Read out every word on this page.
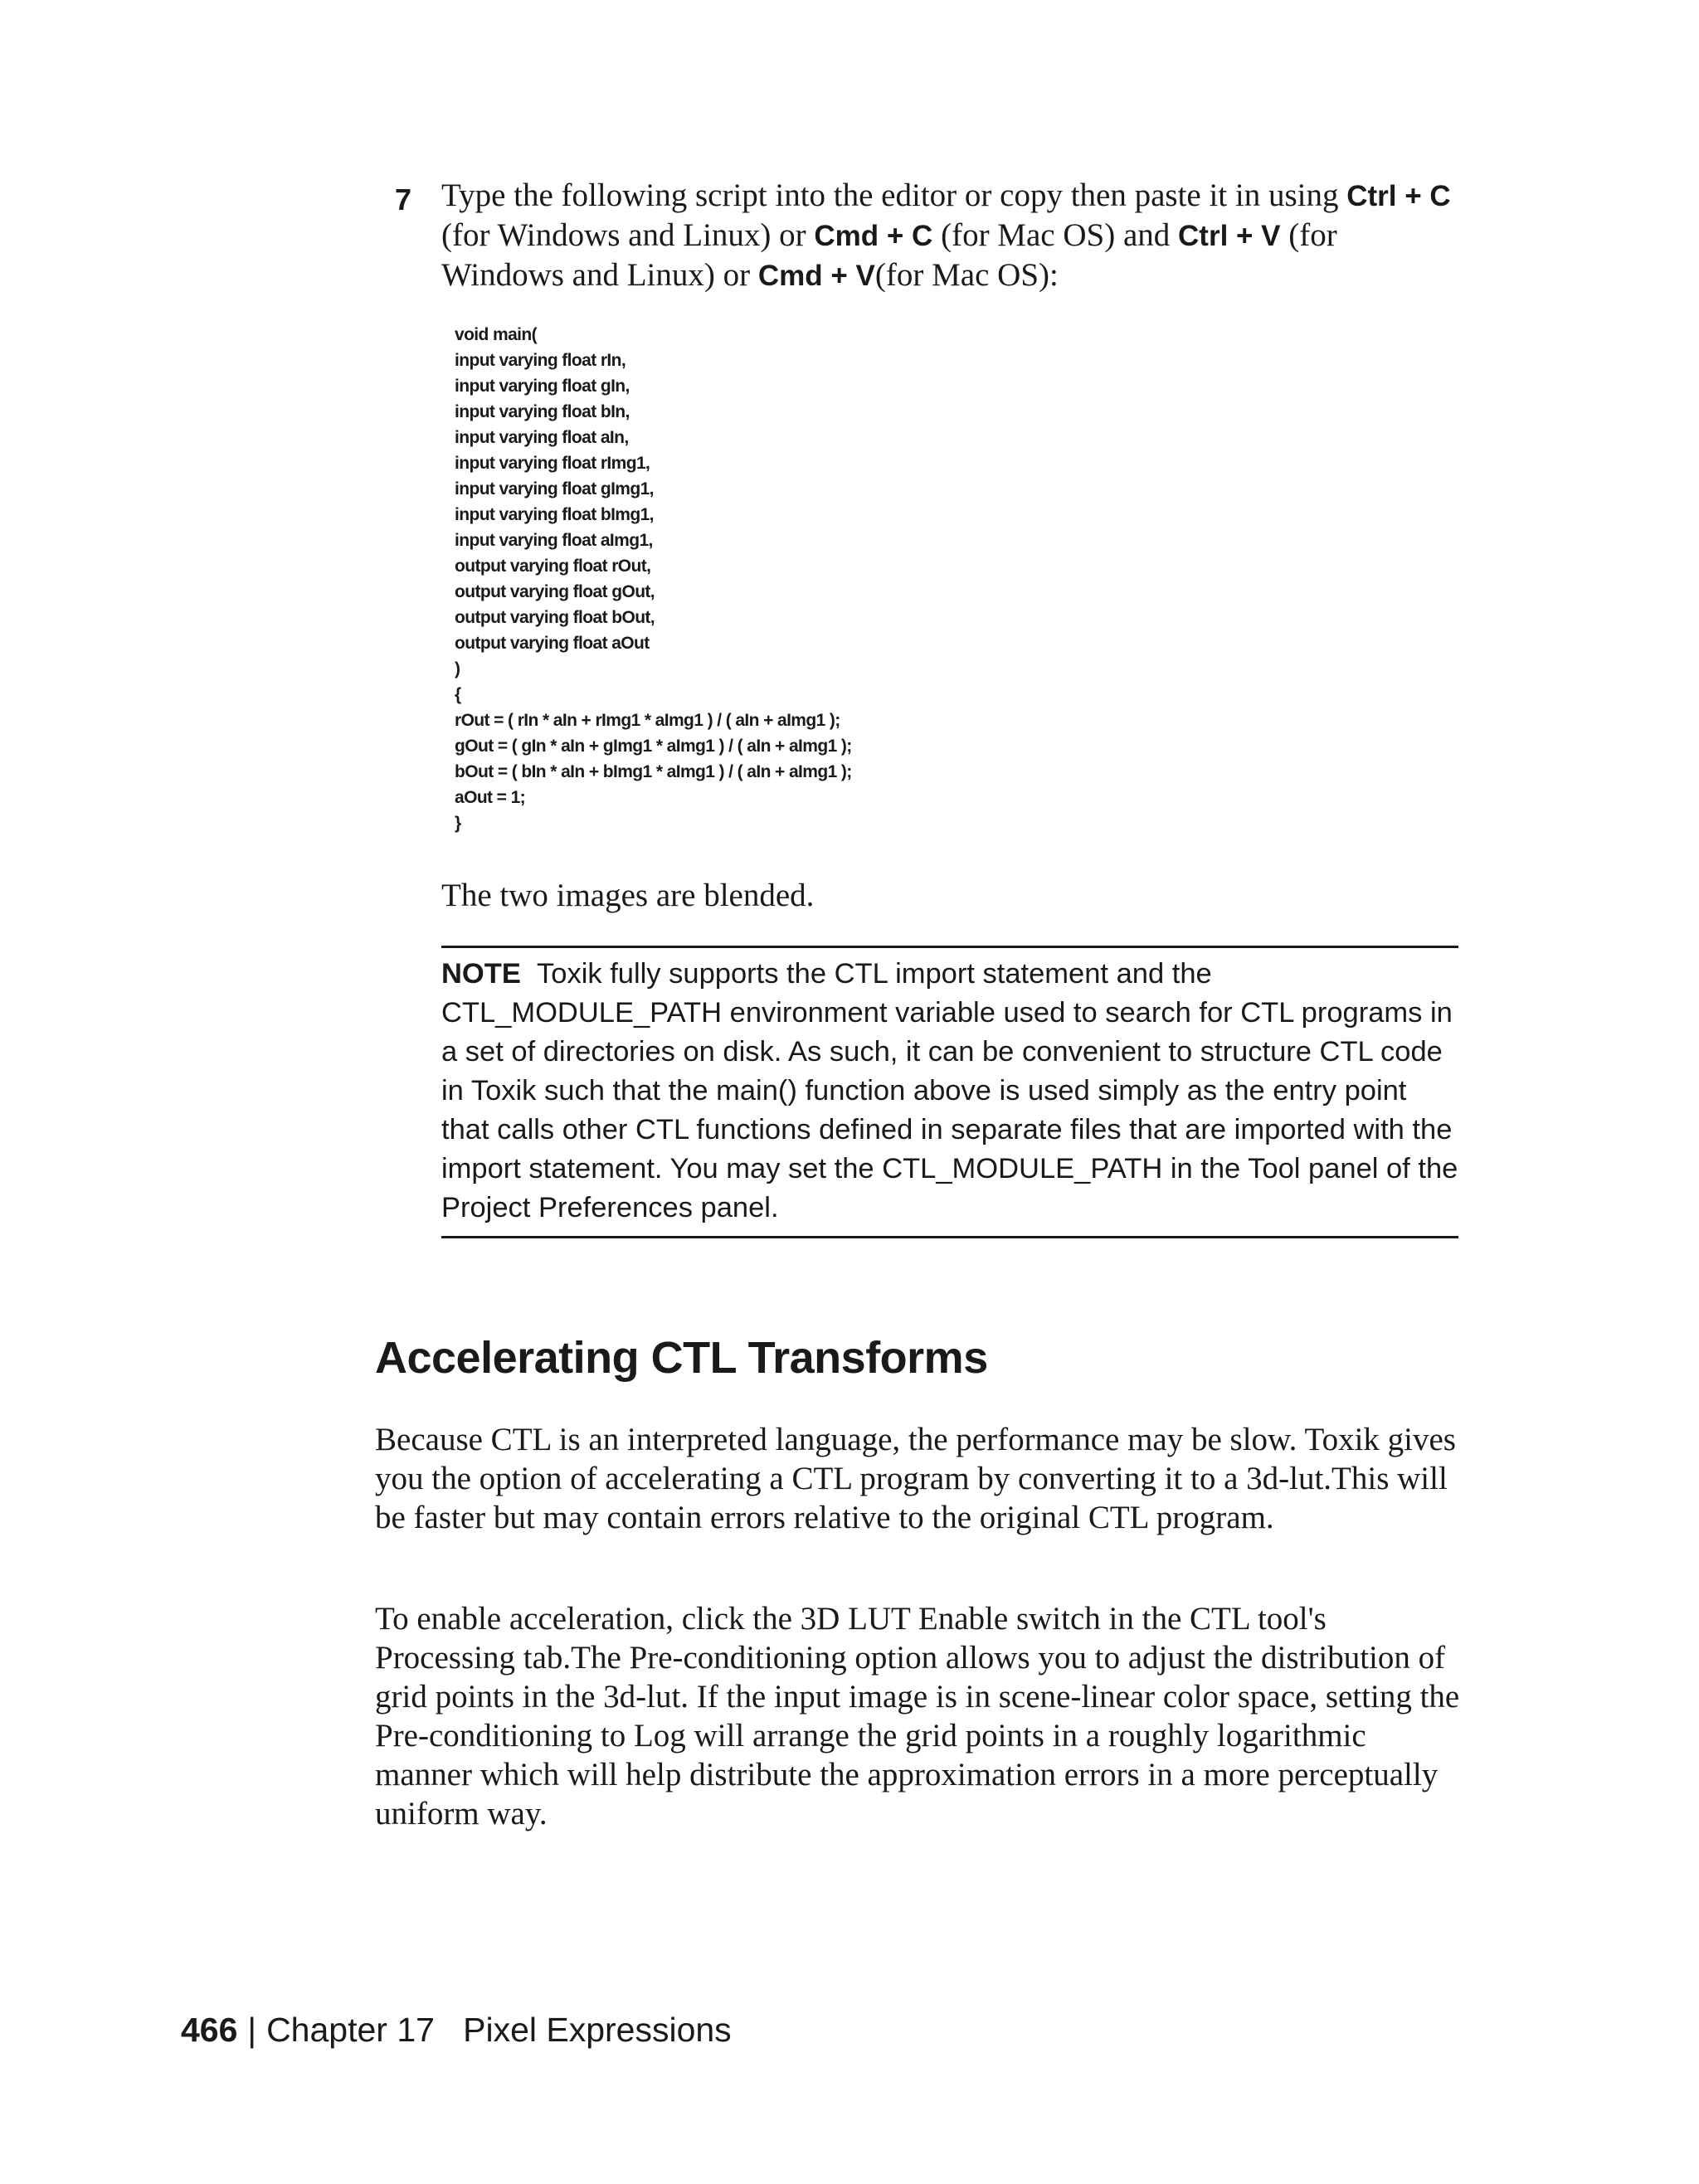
7 Type the following script into the editor or copy then paste it in using Ctrl + C (for Windows and Linux) or Cmd + C (for Mac OS) and Ctrl + V (for Windows and Linux) or Cmd + V(for Mac OS):
void main(
input varying float rIn,
input varying float gIn,
input varying float bIn,
input varying float aIn,
input varying float rImg1,
input varying float gImg1,
input varying float bImg1,
input varying float aImg1,
output varying float rOut,
output varying float gOut,
output varying float bOut,
output varying float aOut
)
{
rOut = ( rIn * aIn + rImg1 * aImg1 ) / ( aIn + aImg1 );
gOut = ( gIn * aIn + gImg1 * aImg1 ) / ( aIn + aImg1 );
bOut = ( bIn * aIn + bImg1 * aImg1 ) / ( aIn + aImg1 );
aOut = 1;
}
The two images are blended.
NOTE Toxik fully supports the CTL import statement and the CTL_MODULE_PATH environment variable used to search for CTL programs in a set of directories on disk. As such, it can be convenient to structure CTL code in Toxik such that the main() function above is used simply as the entry point that calls other CTL functions defined in separate files that are imported with the import statement. You may set the CTL_MODULE_PATH in the Tool panel of the Project Preferences panel.
Accelerating CTL Transforms

Because CTL is an interpreted language, the performance may be slow. Toxik gives you the option of accelerating a CTL program by converting it to a 3d-lut.This will be faster but may contain errors relative to the original CTL program.

To enable acceleration, click the 3D LUT Enable switch in the CTL tool's Processing tab.The Pre-conditioning option allows you to adjust the distribution of grid points in the 3d-lut. If the input image is in scene-linear color space, setting the Pre-conditioning to Log will arrange the grid points in a roughly logarithmic manner which will help distribute the approximation errors in a more perceptually uniform way.

466 | Chapter 17   Pixel Expressions
